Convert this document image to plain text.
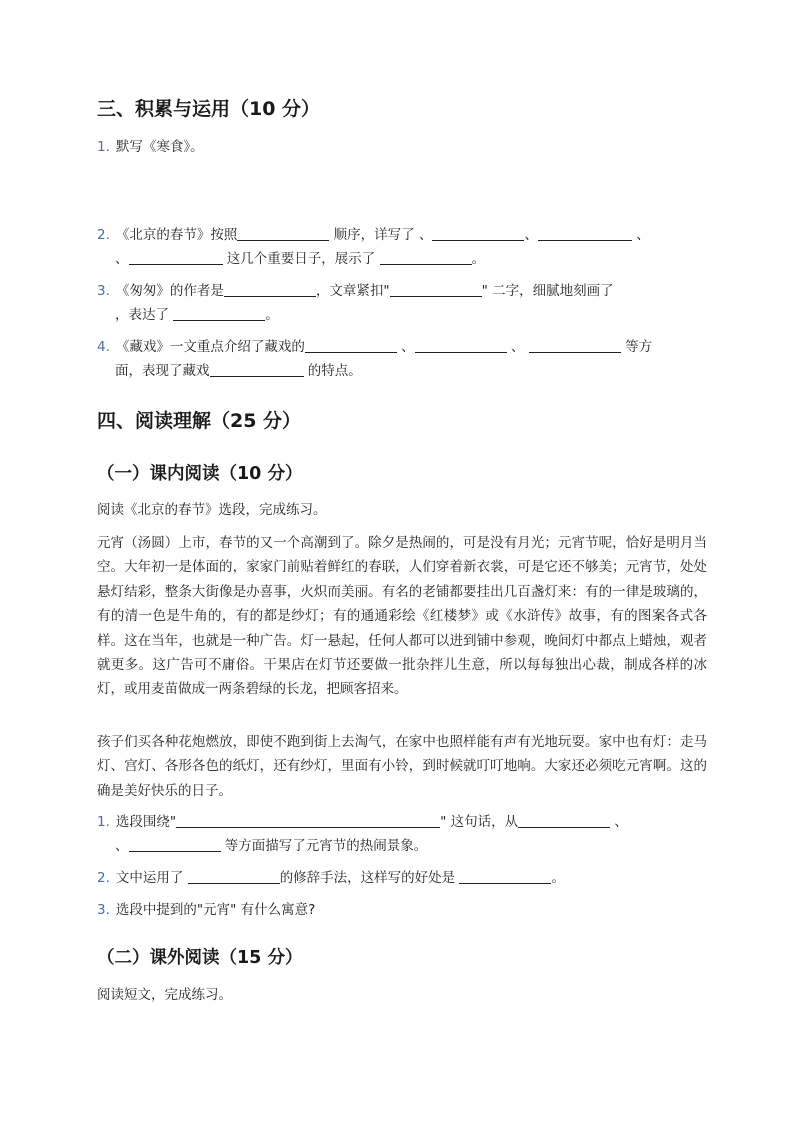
三、积累与运用（10 分）

1. 默写《寒食》。

2. 《北京的春节》按照	顺序，详写了 、	、	、

、	这几个重要日子，展示了	。

3. 《匆匆》的作者是	，文章紧扣"	" 二字，细腻地刻画了

，表达了	。

4. 《藏戏》一文重点介绍了藏戏的	、	、	等方

面，表现了藏戏	的特点。

四、阅读理解（25 分）
（一）课内阅读（10 分）

阅读《北京的春节》选段，完成练习。

元宵（汤圆）上市，春节的又一个高潮到了。除夕是热闹的，可是没有月光；元宵节呢，恰好是明月当空。大年初一是体面的，家家门前贴着鲜红的春联，人们穿着新衣裳，可是它还不够美；元宵节，处处悬灯结彩，整条大街像是办喜事，火炽而美丽。有名的老铺都要挂出几百盏灯来：有的一律是玻璃的，有的清一色是牛角的，有的都是纱灯；有的通通彩绘《红楼梦》或《水浒传》故事，有的图案各式各样。这在当年，也就是一种广告。灯一悬起，任何人都可以进到铺中参观，晚间灯中都点上蜡烛，观者就更多。这广告可不庸俗。干果店在灯节还要做一批杂拌儿生意，所以每每独出心裁，制成各样的冰灯，或用麦苗做成一两条碧绿的长龙，把顾客招来。

孩子们买各种花炮燃放，即使不跑到街上去淘气，在家中也照样能有声有光地玩耍。家中也有灯：走马灯、宫灯、各形各色的纸灯，还有纱灯，里面有小铃，到时候就叮叮地响。大家还必须吃元宵啊。这的确是美好快乐的日子。

1. 选段围绕"	" 这句话，从	、

、	等方面描写了元宵节的热闹景象。

2. 文中运用了	的修辞手法，这样写的好处是	。

3. 选段中提到的"元宵" 有什么寓意?

（二）课外阅读（15 分）

阅读短文，完成练习。
